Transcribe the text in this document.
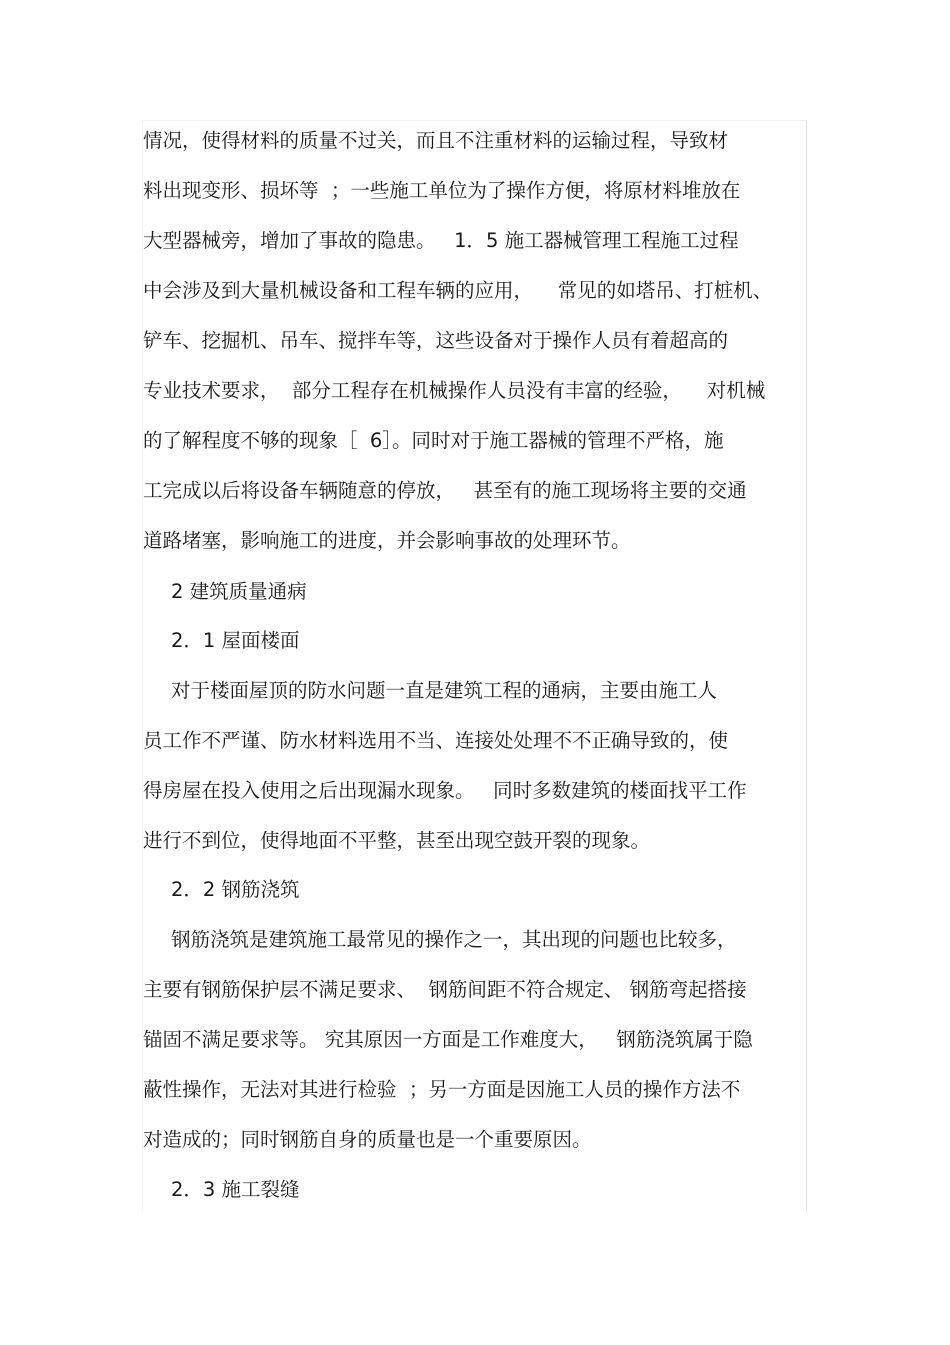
情况，使得材料的质量不过关，而且不注重材料的运输过程，导致材
料出现变形、损坏等  ；一些施工单位为了操作方便，将原材料堆放在
大型器械旁，增加了事故的隐患。   1．5 施工器械管理工程施工过程
中会涉及到大量机械设备和工程车辆的应用，    常见的如塔吊、打桩机、
铲车、挖掘机、吊车、搅拌车等，这些设备对于操作人员有着超高的
专业技术要求，  部分工程存在机械操作人员没有丰富的经验，    对机械
的了解程度不够的现象［  6］。同时对于施工器械的管理不严格，施
工完成以后将设备车辆随意的停放，   甚至有的施工现场将主要的交通
道路堵塞，影响施工的进度，并会影响事故的处理环节。
2 建筑质量通病
2．1 屋面楼面
对于楼面屋顶的防水问题一直是建筑工程的通病，主要由施工人
员工作不严谨、防水材料选用不当、连接处处理不不正确导致的，使
得房屋在投入使用之后出现漏水现象。   同时多数建筑的楼面找平工作
进行不到位，使得地面不平整，甚至出现空鼓开裂的现象。
2．2 钢筋浇筑
钢筋浇筑是建筑施工最常见的操作之一，其出现的问题也比较多，
主要有钢筋保护层不满足要求、  钢筋间距不符合规定、 钢筋弯起搭接
锚固不满足要求等。 究其原因一方面是工作难度大，   钢筋浇筑属于隐
蔽性操作，无法对其进行检验  ；另一方面是因施工人员的操作方法不
对造成的；同时钢筋自身的质量也是一个重要原因。
2．3 施工裂缝
